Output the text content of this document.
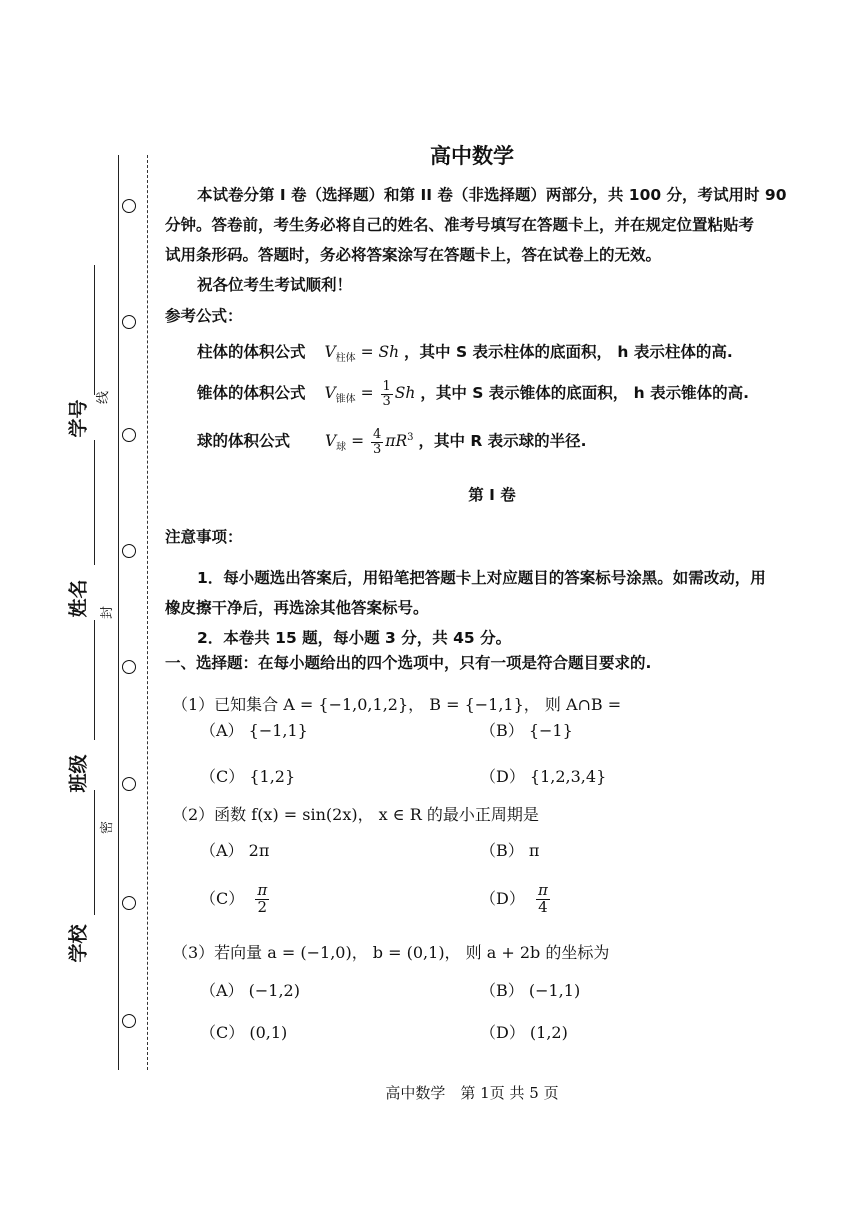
学号
姓名
班级
学校
线
封
密
高中数学
本试卷分第 I 卷（选择题）和第 II 卷（非选择题）两部分，共 100 分，考试用时 90
分钟。答卷前，考生务必将自己的姓名、准考号填写在答题卡上，并在规定位置粘贴考
试用条形码。答题时，务必将答案涂写在答题卡上，答在试卷上的无效。
祝各位考生考试顺利！
参考公式：
柱体的体积公式 $V_{柱体} = Sh$ ，其中 S 表示柱体的底面积， h 表示柱体的高.
锥体的体积公式 $V_{锥体} = \frac{1}{3}$ Sh ，其中 S 表示锥体的底面积， h 表示锥体的高.
球的体积公式 $V_球 = \frac{4}{3} \pi R^3$ ，其中 R 表示球的半径.
第 I 卷
注意事项：
1．每小题选出答案后，用铅笔把答题卡上对应题目的答案标号涂黑。如需改动，用
橡皮擦干净后，再选涂其他答案标号。
2．本卷共 15 题，每小题 3 分，共 45 分。
一、选择题：在每小题给出的四个选项中，只有一项是符合题目要求的.
（1）已知集合 A = {−1,0,1,2}， B = {−1,1}， 则 A∩B =
（A） {−1,1}	（B） {−1}
（C） {1,2}	（D） {1,2,3,4}
（2）函数 f(x) = sin(2x)， x ∈ R 的最小正周期是
（A） 2π	（B） π
$(C) \frac{\pi}{2}$	$(D) \frac{\pi}{4}$
（3）若向量 a = (−1,0)， b = (0,1)， 则 a + 2b 的坐标为
（A） (−1,2)	（B） (−1,1)
（C） (0,1)	（D） (1,2)
高中数学　第 1页 共 5 页
